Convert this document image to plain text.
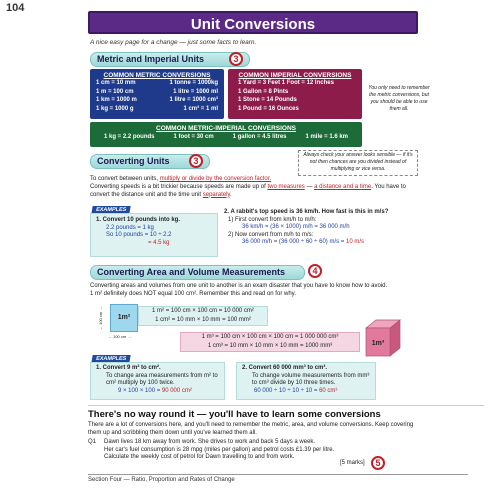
104
Unit Conversions
A nice easy page for a change — just some facts to learn.
Metric and Imperial Units	3
COMMON METRIC CONVERSIONS
1 cm = 10 mm	1 tonne = 1000kg
1 m = 100 cm	1 litre = 1000 ml
1 km = 1000 m	1 litre = 1000 cm³
1 kg = 1000 g	1 cm³ = 1 ml
COMMON IMPERIAL CONVERSIONS
1 Yard = 3 Feet 1 Foot = 12 Inches
1 Gallon = 8 Pints
1 Stone = 14 Pounds
1 Pound = 16 Ounces
You only need to remember the metric conversions, but you should be able to use them all.
COMMON METRIC-IMPERIAL CONVERSIONS
1 kg = 2.2 pounds	1 foot = 30 cm	1 gallon = 4.5 litres	1 mile = 1.6 km
Converting Units	3
Always check your answer looks sensible — if it's not then chances are you divided instead of multiplying or vice versa.
To convert between units, multiply or divide by the conversion factor.
Converting speeds is a bit trickier because speeds are made up of two measures — a distance and a time. You have to convert the distance unit and the time unit separately.
EXAMPLES
1. Convert 10 pounds into kg.
2.2 pounds = 1 kg
So 10 pounds = 10 ÷ 2.2
= 4.5 kg
2. A rabbit's top speed is 36 km/h. How fast is this in m/s?
1) First convert from km/h to m/h:
36 km/h = (36 × 1000) m/h = 36 000 m/h
2) Now convert from m/h to m/s:
36 000 m/h = (36 000 ÷ 60 ÷ 60) m/s = 10 m/s
Converting Area and Volume Measurements	4
Converting areas and volumes from one unit to another is an exam disaster that you have to know how to avoid. 1 m² definitely does NOT equal 100 cm². Remember this and read on for why.
1m²
← 100 cm →
← 100 cm →
1 m² = 100 cm × 100 cm = 10 000 cm²
1 cm² = 10 mm × 10 mm = 100 mm²
1 m³ = 100 cm × 100 cm × 100 cm = 1 000 000 cm³
1 cm³ = 10 mm × 10 mm × 10 mm = 1000 mm³	1m³
EXAMPLES
1. Convert 9 m² to cm².
To change area measurements from m² to cm² multiply by 100 twice.
9 × 100 × 100 = 90 000 cm²
2. Convert 60 000 mm³ to cm³.
To change volume measurements from mm³ to cm³ divide by 10 three times.
60 000 ÷ 10 ÷ 10 ÷ 10 = 60 cm³
There's no way round it — you'll have to learn some conversions
There are a lot of conversions here, and you'll need to remember the metric, area, and volume conversions. Keep covering them up and scribbling them down until you've learned them all.
Q1	Dawn lives 18 km away from work. She drives to work and back 5 days a week.
Her car's fuel consumption is 28 mpg (miles per gallon) and petrol costs £1.39 per litre.
Calculate the weekly cost of petrol for Dawn travelling to and from work.
[5 marks]	5
Section Four — Ratio, Proportion and Rates of Change
